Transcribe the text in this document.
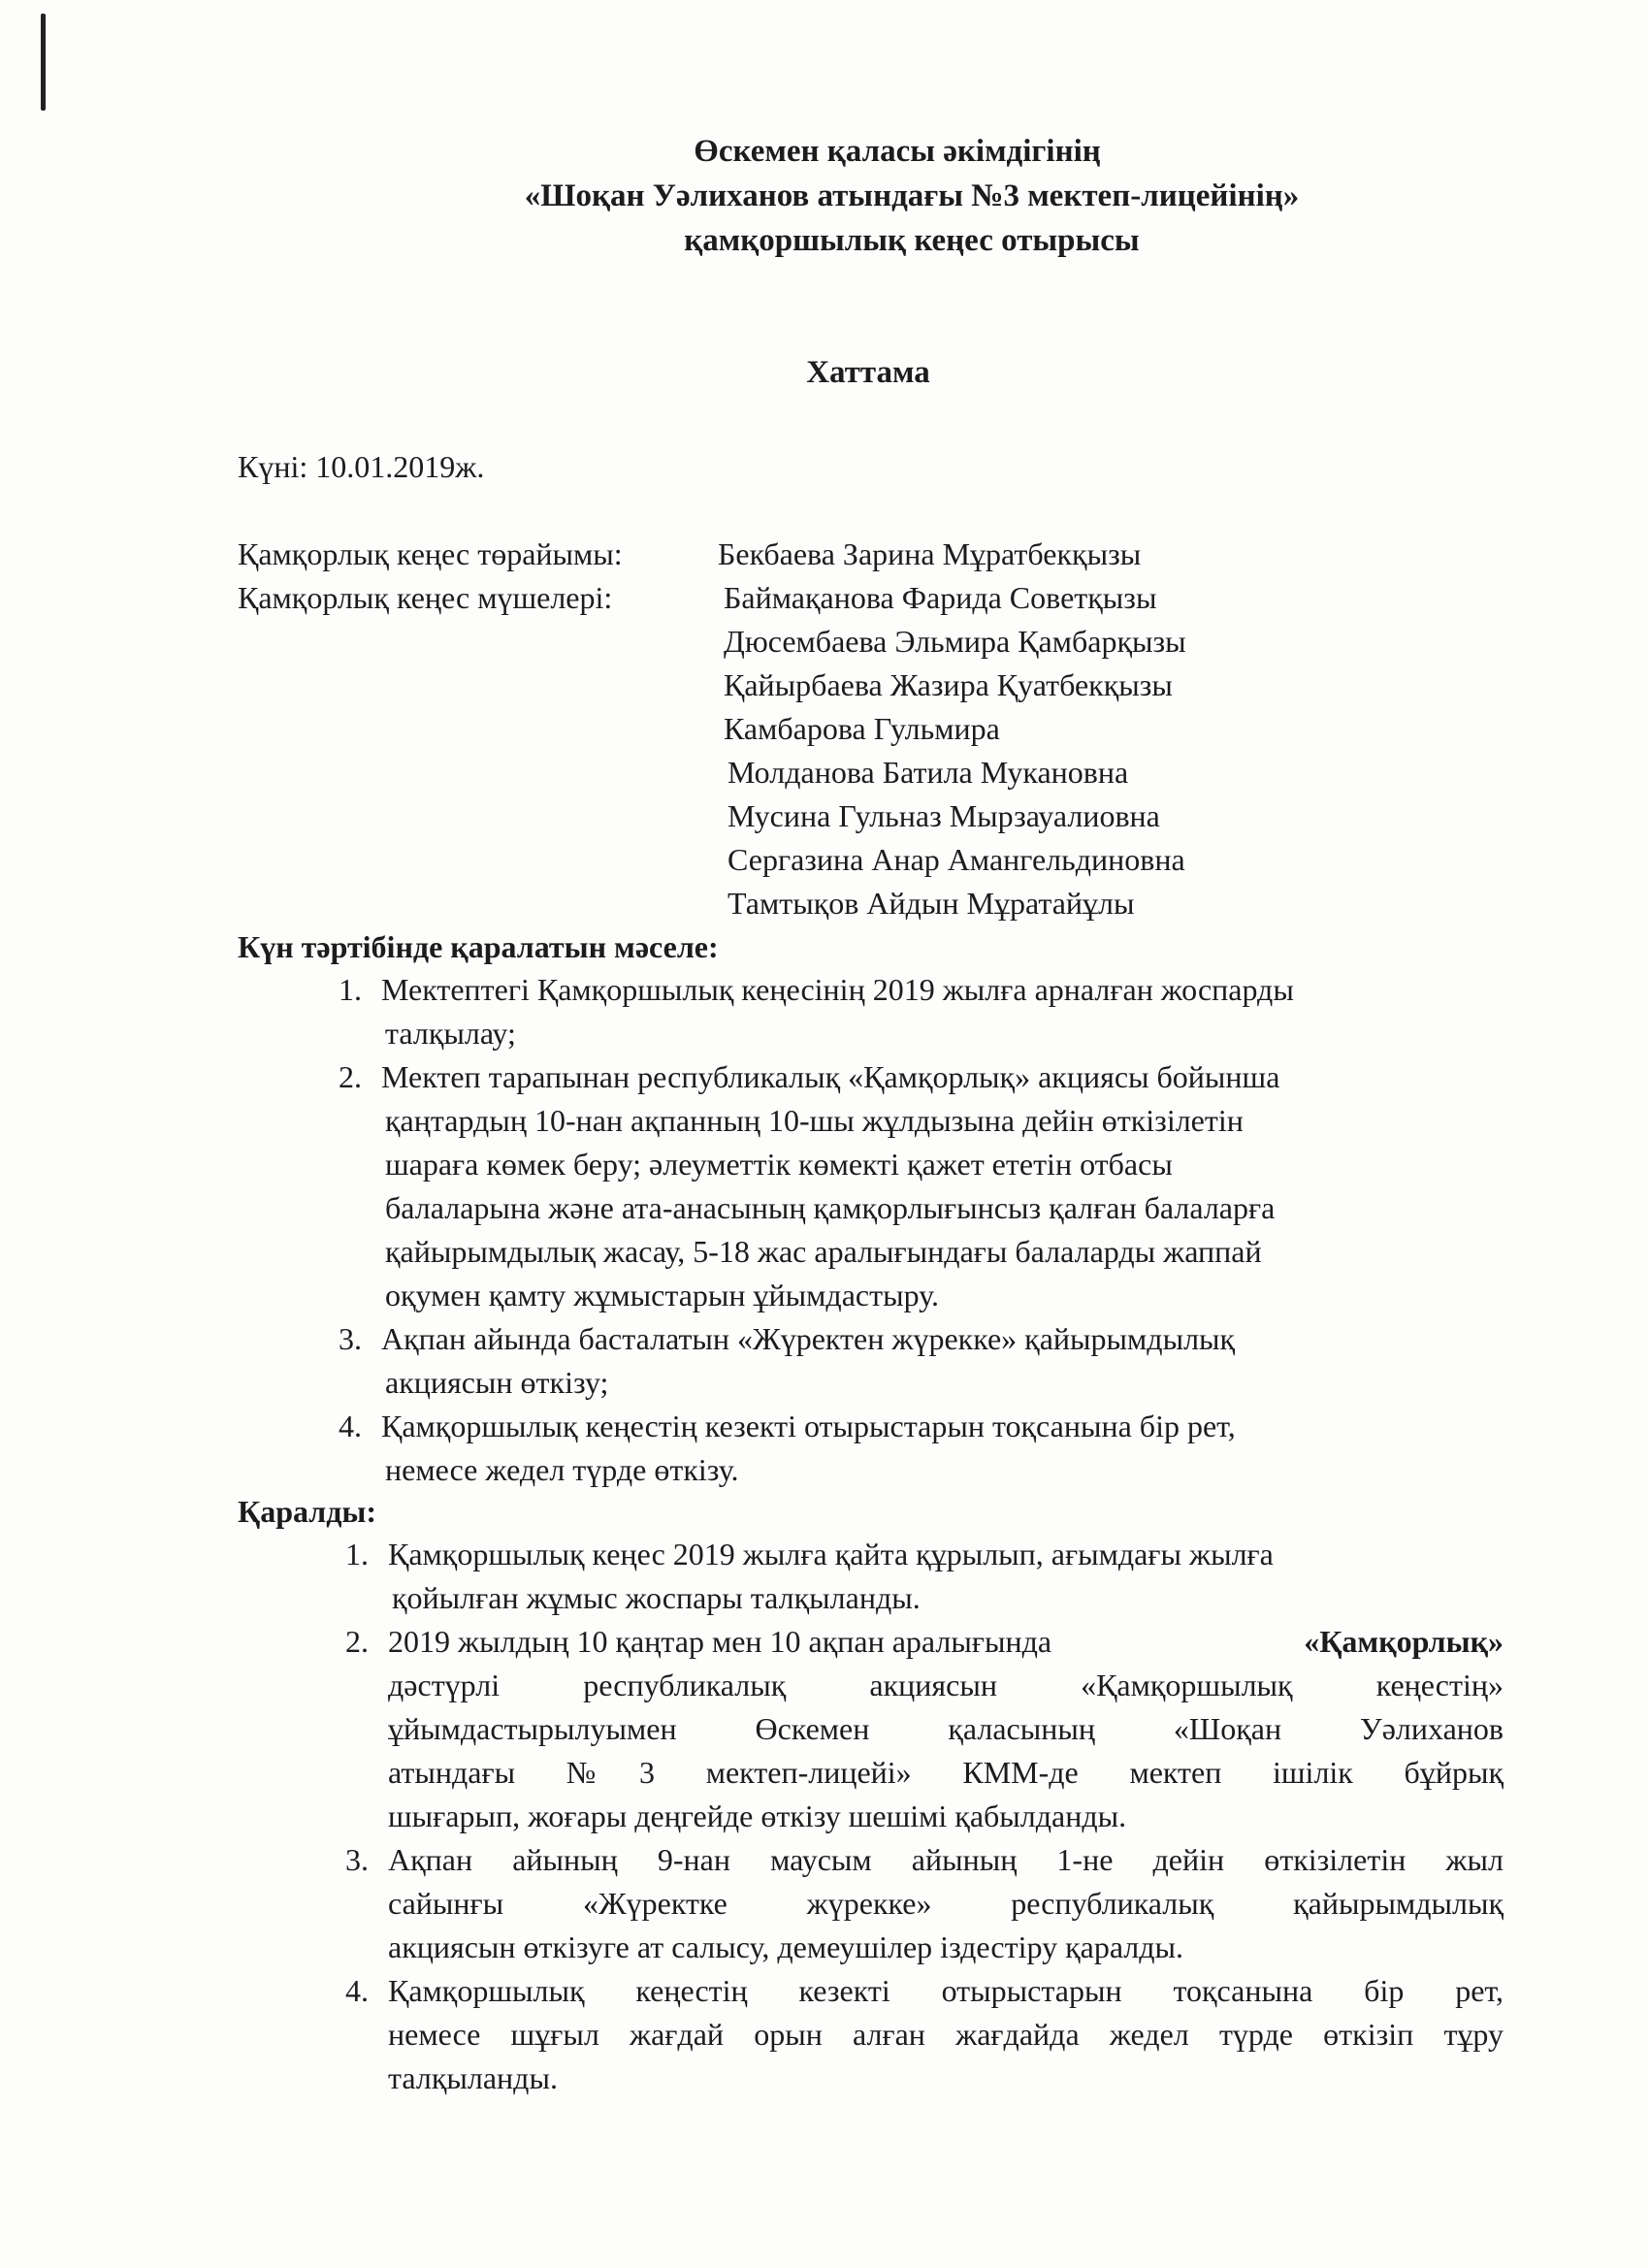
Өскемен қаласы әкімдігінің
«Шоқан Уәлиханов атындағы №3 мектеп-лицейінің»
қамқоршылық кеңес отырысы
Хаттама
Күні: 10.01.2019ж.
Қамқорлық кеңес төрайымы:	Бекбаева Зарина Мұратбекқызы
Қамқорлық кеңес мүшелері:	Баймақанова Фарида Советқызы
Дюсембаева Эльмира Қамбарқызы
Қайырбаева Жазира Қуатбекқызы
Камбарова Гульмира
Молданова Батила Мукановна
Мусина Гульназ Мырзауалиовна
Сергазина Анар Амангельдиновна
Тамтықов Айдын Мұратайұлы
Күн тәртібінде қаралатын мәселе:
1. Мектептегі Қамқоршылық кеңесінің 2019 жылға арналған жоспарды
талқылау;
2. Мектеп тарапынан республикалық «Қамқорлық» акциясы бойынша
қаңтардың 10-нан ақпанның 10-шы жұлдызына дейін өткізілетін
шараға көмек беру; әлеуметтік көмекті қажет ететін отбасы
балаларына және ата-анасының қамқорлығынсыз қалған балаларға
қайырымдылық жасау, 5-18 жас аралығындағы балаларды жаппай
оқумен қамту жұмыстарын ұйымдастыру.
3. Ақпан айында басталатын «Жүректен жүрекке» қайырымдылық
акциясын өткізу;
4. Қамқоршылық кеңестің кезекті отырыстарын тоқсанына бір рет,
немесе жедел түрде өткізу.
Қаралды:
1. Қамқоршылық кеңес 2019 жылға қайта құрылып, ағымдағы жылға
қойылған жұмыс жоспары талқыланды.
2. 2019 жылдың 10 қаңтар мен 10 ақпан аралығында	«Қамқорлық»
дәстүрлі республикалық акциясын «Қамқоршылық кеңестің»
ұйымдастырылуымен Өскемен қаласының «Шоқан Уәлиханов
атындағы №3 мектеп-лицейі» КММ-де мектеп ішілік бұйрық
шығарып, жоғары деңгейде өткізу шешімі қабылданды.
3. Ақпан айының 9-нан маусым айының 1-не дейін өткізілетін жыл
сайынғы «Жүректке жүрекке» республикалық қайырымдылық
акциясын өткізуге ат салысу, демеушілер іздестіру қаралды.
4. Қамқоршылық кеңестің кезекті отырыстарын тоқсанына бір рет,
немесе шұғыл жағдай орын алған жағдайда жедел түрде өткізіп тұру
талқыланды.
